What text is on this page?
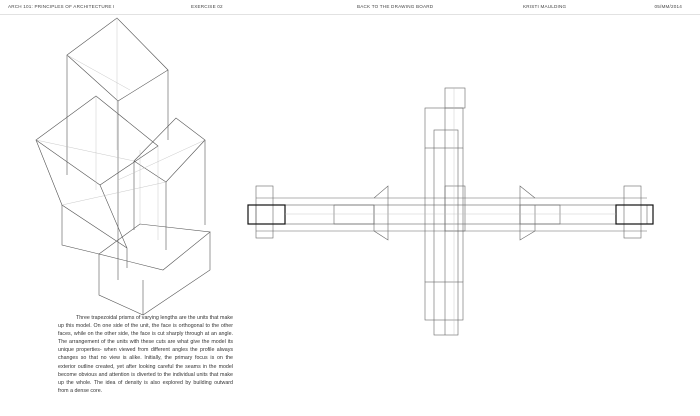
ARCH 101: PRINCIPLES OF ARCHITECTURE I	EXERCISE 02	BACK TO THE DRAWING BOARD	KRISTI MAULDING	05/MM/2014

Three trapezoidal prisms of varying lengths are the units that make up this model. On one side of the unit, the face is orthogonal to the other faces, while on the other side, the face is cut sharply through at an angle. The arrangement of the units with these cuts are what give the model its unique properties- when viewed from different angles the profile always changes so that no view is alike. Initially, the primary focus is on the exterior outline created, yet after looking careful the seams in the model become obvious and attention is diverted to the individual units that make up the whole. The idea of density is also explored by building outward from a dense core.
